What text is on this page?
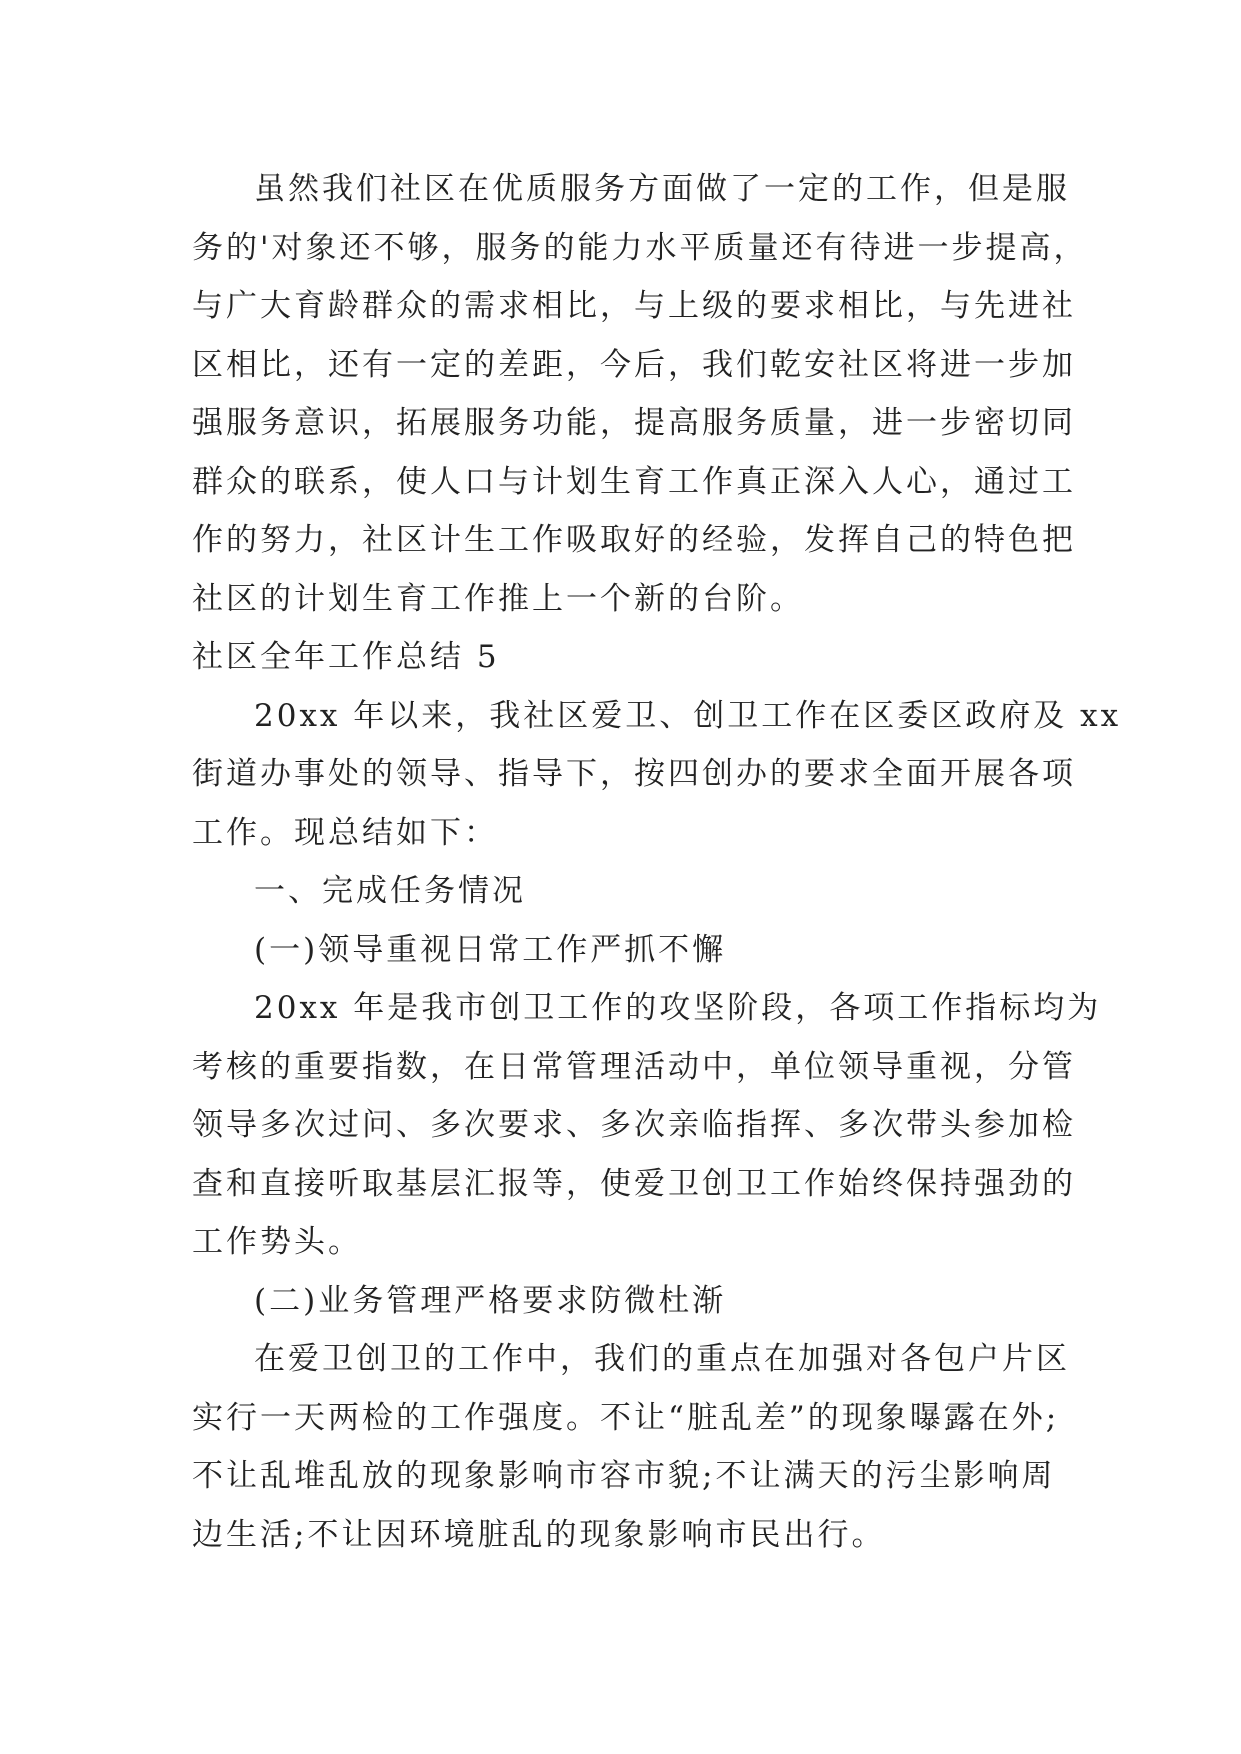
虽然我们社区在优质服务方面做了一定的工作，但是服
务的'对象还不够，服务的能力水平质量还有待进一步提高，
与广大育龄群众的需求相比，与上级的要求相比，与先进社
区相比，还有一定的差距，今后，我们乾安社区将进一步加
强服务意识，拓展服务功能，提高服务质量，进一步密切同
群众的联系，使人口与计划生育工作真正深入人心，通过工
作的努力，社区计生工作吸取好的经验，发挥自己的特色把
社区的计划生育工作推上一个新的台阶。
社区全年工作总结 5
20xx 年以来，我社区爱卫、创卫工作在区委区政府及 xx
街道办事处的领导、指导下，按四创办的要求全面开展各项
工作。现总结如下：
一、完成任务情况
(一)领导重视日常工作严抓不懈
20xx 年是我市创卫工作的攻坚阶段，各项工作指标均为
考核的重要指数，在日常管理活动中，单位领导重视，分管
领导多次过问、多次要求、多次亲临指挥、多次带头参加检
查和直接听取基层汇报等，使爱卫创卫工作始终保持强劲的
工作势头。
(二)业务管理严格要求防微杜渐
在爱卫创卫的工作中，我们的重点在加强对各包户片区
实行一天两检的工作强度。不让“脏乱差”的现象曝露在外;
不让乱堆乱放的现象影响市容市貌;不让满天的污尘影响周
边生活;不让因环境脏乱的现象影响市民出行。
